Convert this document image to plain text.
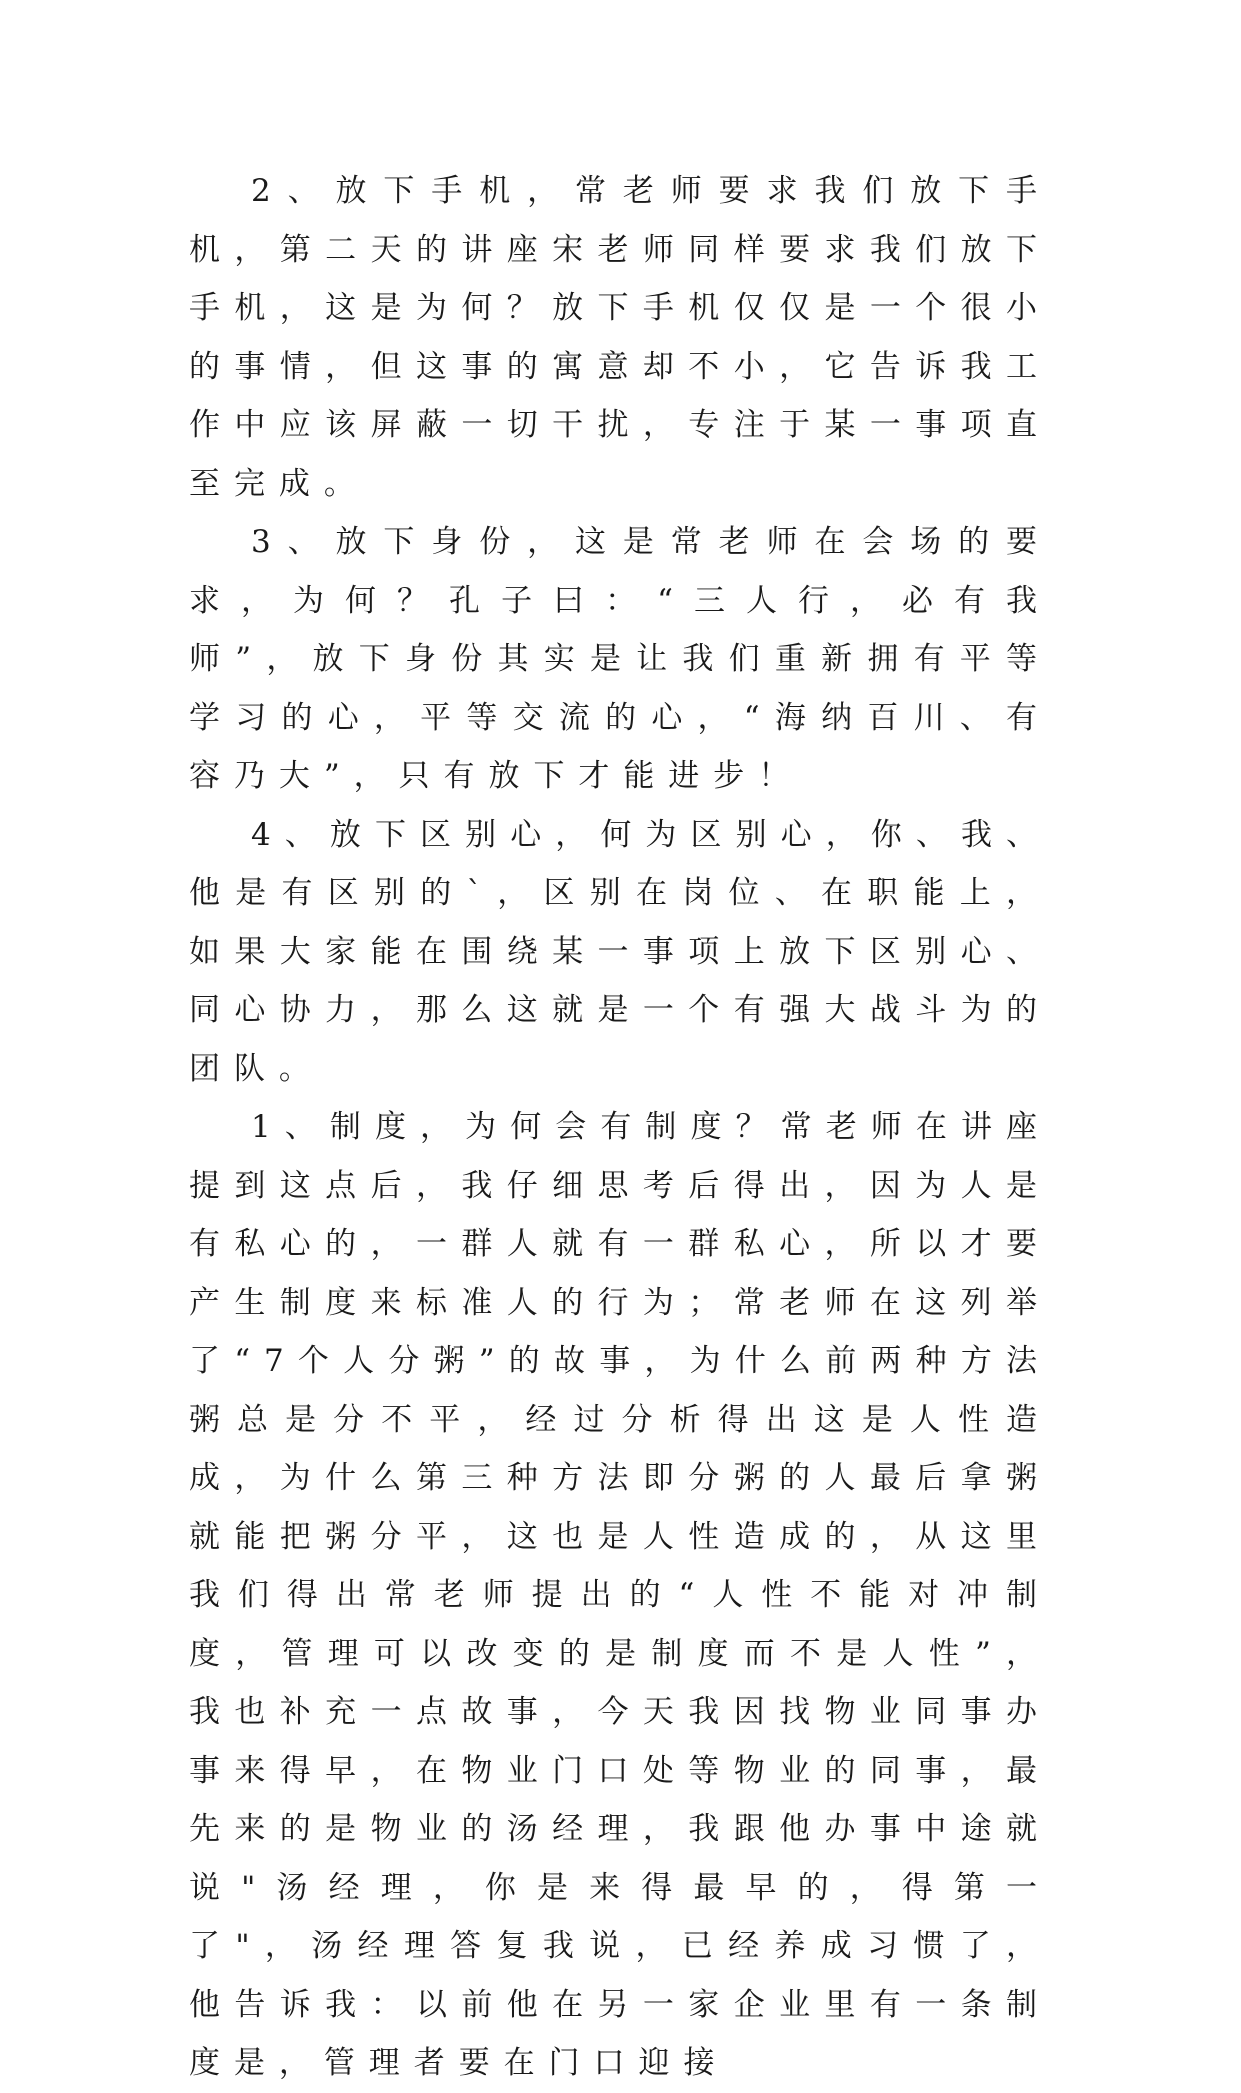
2、放下手机，常老师要求我们放下手机，第二天的讲座宋老师同样要求我们放下手机，这是为何？放下手机仅仅是一个很小的事情，但这事的寓意却不小，它告诉我工作中应该屏蔽一切干扰，专注于某一事项直至完成。

3、放下身份，这是常老师在会场的要求，为何？孔子曰：“三人行，必有我师”，放下身份其实是让我们重新拥有平等学习的心，平等交流的心，“海纳百川、有容乃大”，只有放下才能进步！

4、放下区别心，何为区别心，你、我、他是有区别的`，区别在岗位、在职能上，如果大家能在围绕某一事项上放下区别心、同心协力，那么这就是一个有强大战斗为的团队。

1、制度，为何会有制度？常老师在讲座提到这点后，我仔细思考后得出，因为人是有私心的，一群人就有一群私心，所以才要产生制度来标准人的行为；常老师在这列举了“7个人分粥”的故事，为什么前两种方法粥总是分不平，经过分析得出这是人性造成，为什么第三种方法即分粥的人最后拿粥就能把粥分平，这也是人性造成的，从这里我们得出常老师提出的“人性不能对冲制度，管理可以改变的是制度而不是人性”，我也补充一点故事，今天我因找物业同事办事来得早，在物业门口处等物业的同事，最先来的是物业的汤经理，我跟他办事中途就说"汤经理，你是来得最早的，得第一了"，汤经理答复我说，已经养成习惯了，他告诉我：以前他在另一家企业里有一条制度是，管理者要在门口迎接
